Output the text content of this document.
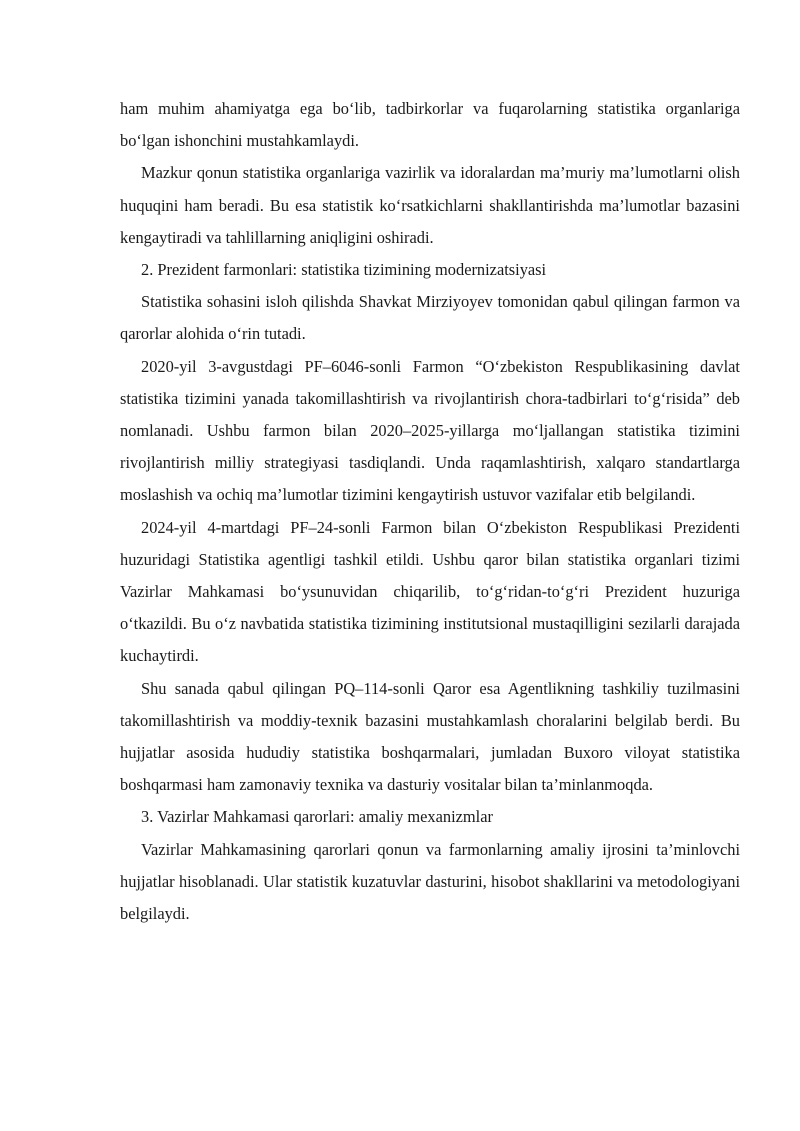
ham muhim ahamiyatga ega bo‘lib, tadbirkorlar va fuqarolarning statistika organlariga bo‘lgan ishonchini mustahkamlaydi.

Mazkur qonun statistika organlariga vazirlik va idoralardan ma’muriy ma’lumotlarni olish huquqini ham beradi. Bu esa statistik ko‘rsatkichlarni shakllantirishda ma’lumotlar bazasini kengaytiradi va tahlillarning aniqligini oshiradi.

2. Prezident farmonlari: statistika tizimining modernizatsiyasi

Statistika sohasini isloh qilishda Shavkat Mirziyoyev tomonidan qabul qilingan farmon va qarorlar alohida o‘rin tutadi.

2020-yil 3-avgustdagi PF–6046-sonli Farmon “O‘zbekiston Respublikasining davlat statistika tizimini yanada takomillashtirish va rivojlantirish chora-tadbirlari to‘g‘risida” deb nomlanadi. Ushbu farmon bilan 2020–2025-yillarga mo‘ljallangan statistika tizimini rivojlantirish milliy strategiyasi tasdiqlandi. Unda raqamlashtirish, xalqaro standartlarga moslashish va ochiq ma’lumotlar tizimini kengaytirish ustuvor vazifalar etib belgilandi.

2024-yil 4-martdagi PF–24-sonli Farmon bilan O‘zbekiston Respublikasi Prezidenti huzuridagi Statistika agentligi tashkil etildi. Ushbu qaror bilan statistika organlari tizimi Vazirlar Mahkamasi bo‘ysunuvidan chiqarilib, to‘g‘ridan-to‘g‘ri Prezident huzuriga o‘tkazildi. Bu o‘z navbatida statistika tizimining institutsional mustaqilligini sezilarli darajada kuchaytirdi.

Shu sanada qabul qilingan PQ–114-sonli Qaror esa Agentlikning tashkiliy tuzilmasini takomillashtirish va moddiy-texnik bazasini mustahkamlash choralarini belgilab berdi. Bu hujjatlar asosida hududiy statistika boshqarmalari, jumladan Buxoro viloyat statistika boshqarmasi ham zamonaviy texnika va dasturiy vositalar bilan ta’minlanmoqda.

3. Vazirlar Mahkamasi qarorlari: amaliy mexanizmlar

Vazirlar Mahkamasining qarorlari qonun va farmonlarning amaliy ijrosini ta’minlovchi hujjatlar hisoblanadi. Ular statistik kuzatuvlar dasturini, hisobot shakllarini va metodologiyani belgilaydi.
